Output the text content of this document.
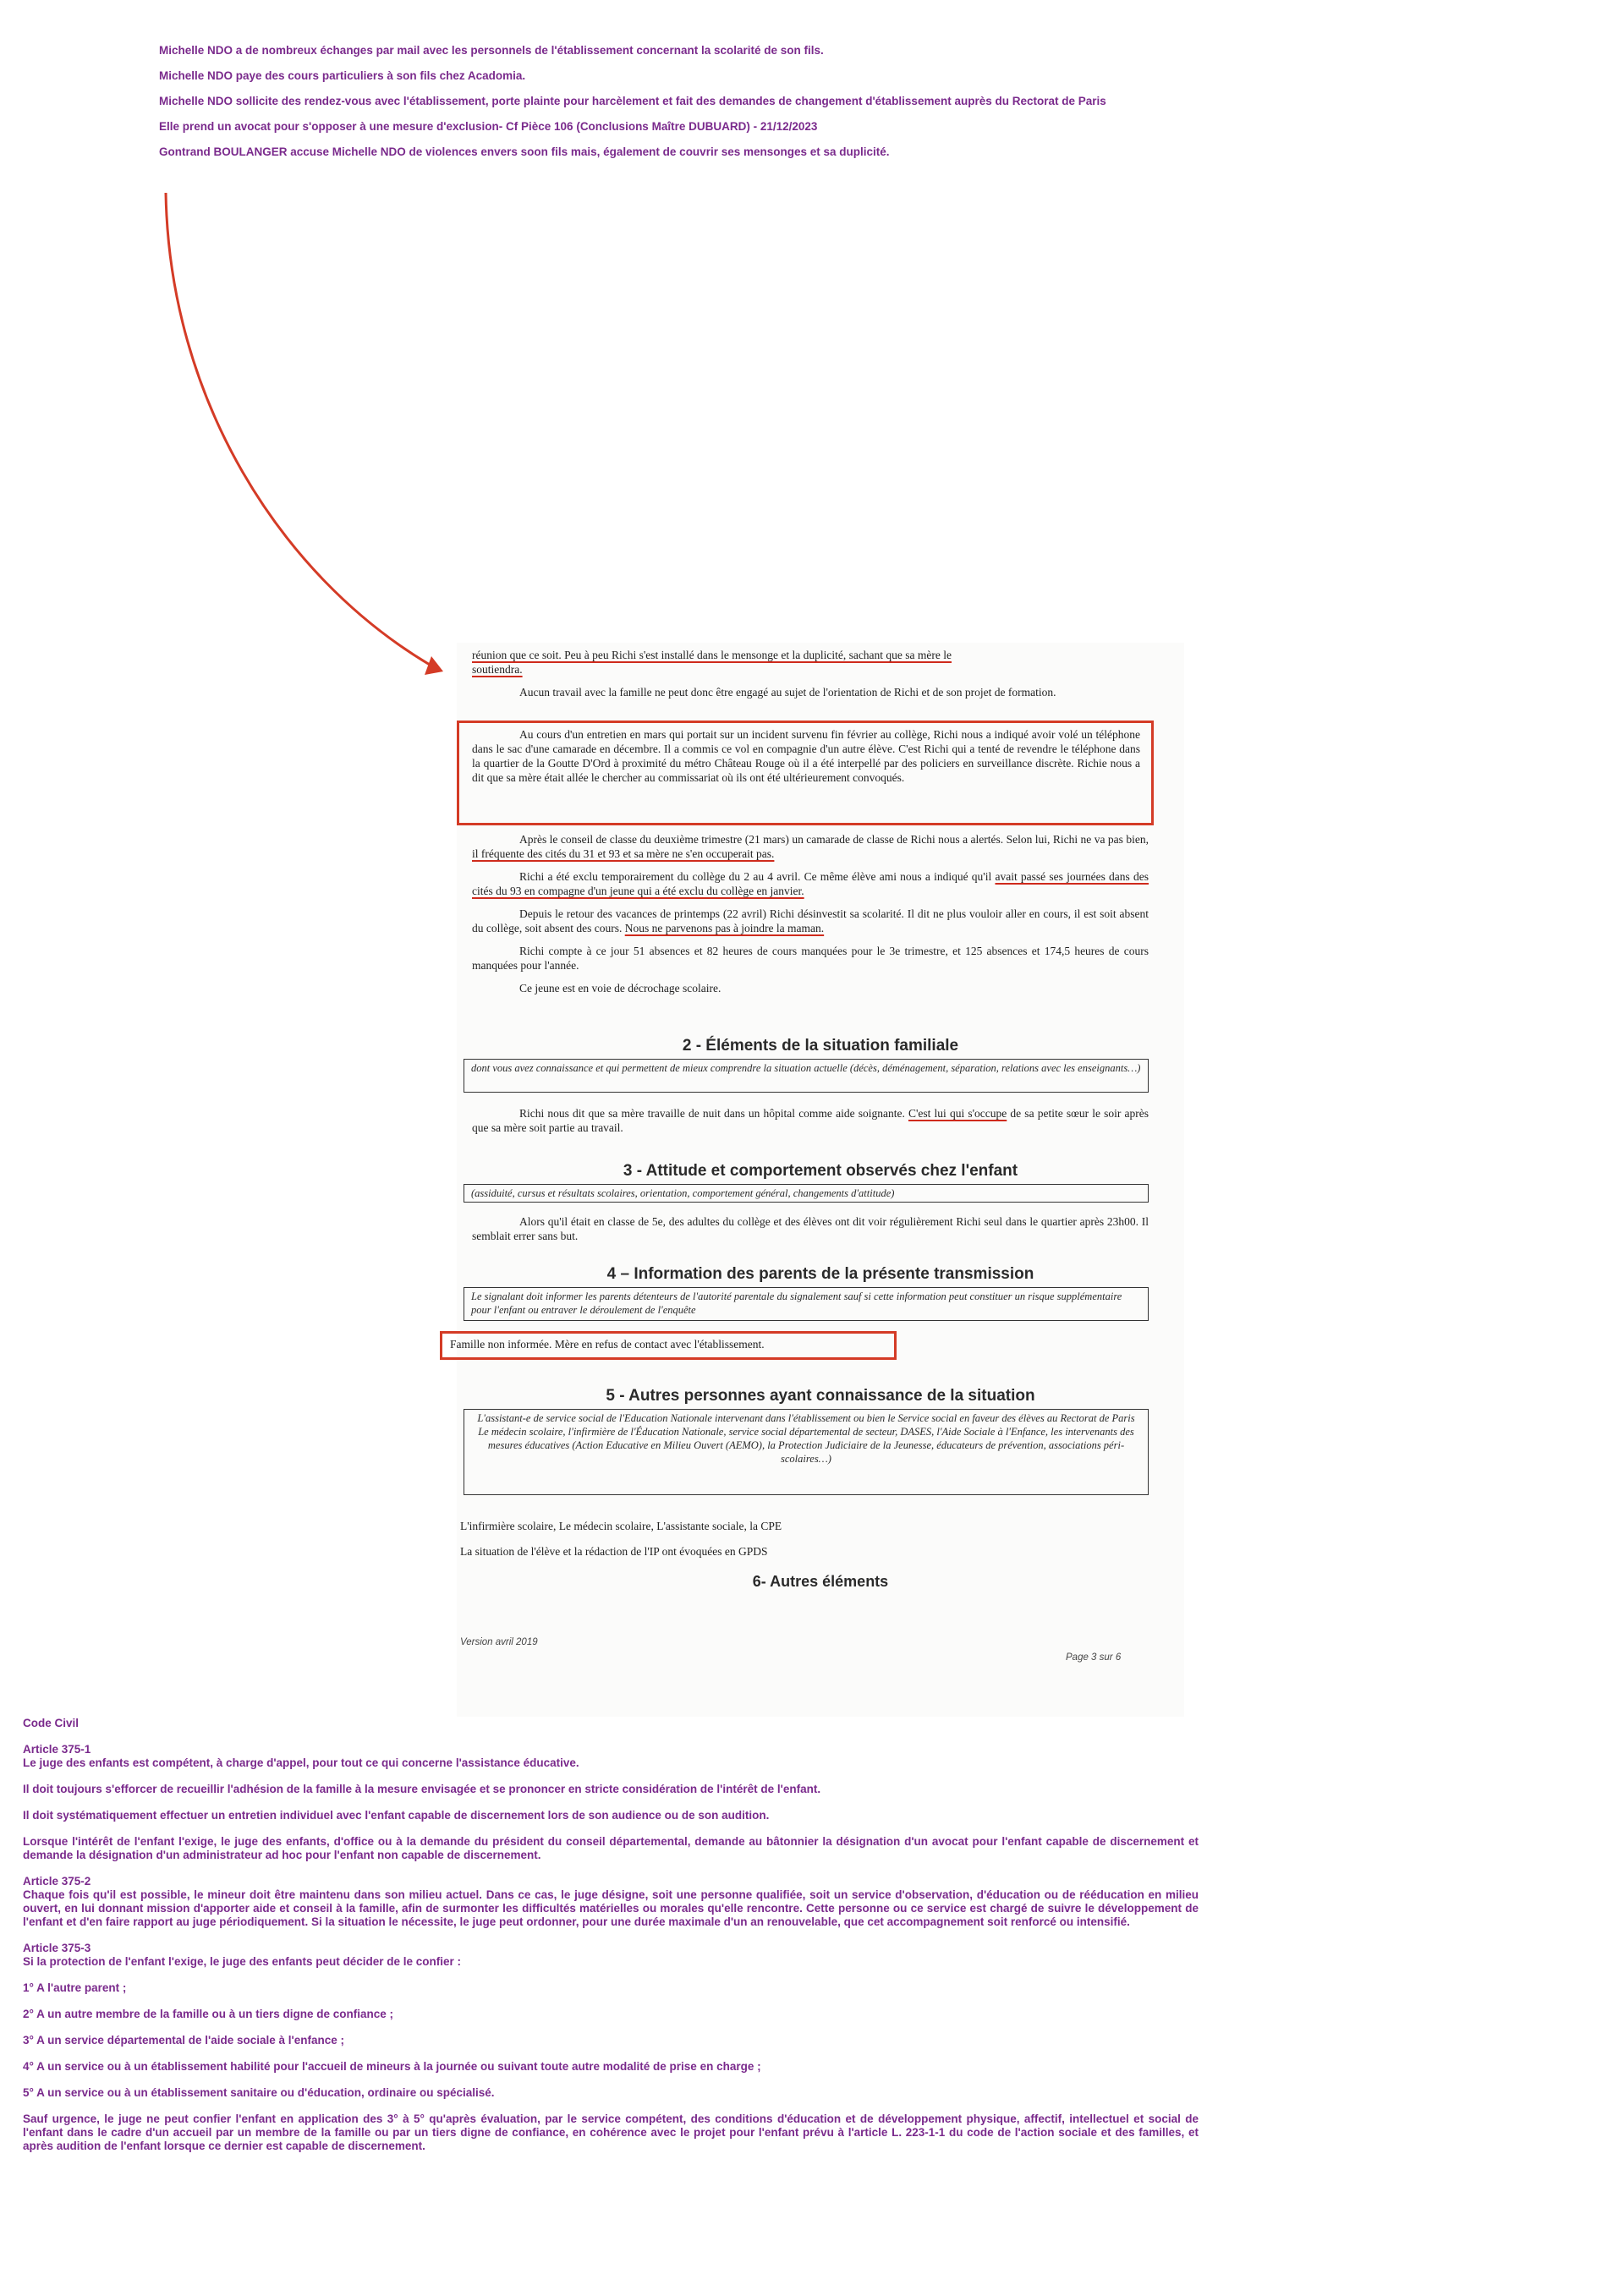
Michelle NDO a de nombreux échanges par mail avec les personnels de l'établissement concernant la scolarité de son fils.

Michelle NDO paye des cours particuliers à son fils chez Acadomia.

Michelle NDO sollicite des rendez-vous avec l'établissement, porte plainte pour harcèlement et fait des demandes de changement d'établissement auprès du Rectorat de Paris

Elle prend un avocat pour s'opposer à une mesure d'exclusion- Cf Pièce 106 (Conclusions Maître DUBUARD) - 21/12/2023

Gontrand BOULANGER accuse Michelle NDO de violences envers soon fils mais, également de couvrir ses mensonges et sa duplicité.

réunion que ce soit. Peu à peu Richi s'est installé dans le mensonge et la duplicité, sachant que sa mère le
soutiendra.

Aucun travail avec la famille ne peut donc être engagé au sujet de l'orientation de Richi et de son projet de formation.

Au cours d'un entretien en mars qui portait sur un incident survenu fin février au collège, Richi nous a indiqué avoir volé un téléphone dans le sac d'une camarade en décembre. Il a commis ce vol en compagnie d'un autre élève. C'est Richi qui a tenté de revendre le téléphone dans la quartier de la Goutte D'Ord à proximité du métro Château Rouge où il a été interpellé par des policiers en surveillance discrète. Richie nous a dit que sa mère était allée le chercher au commissariat où ils ont été ultérieurement convoqués.

Après le conseil de classe du deuxième trimestre (21 mars) un camarade de classe de Richi nous a alertés. Selon lui, Richi ne va pas bien, il fréquente des cités du 31 et 93 et sa mère ne s'en occuperait pas.

Richi a été exclu temporairement du collège du 2 au 4 avril. Ce même élève ami nous a indiqué qu'il avait passé ses journées dans des cités du 93 en compagne d'un jeune qui a été exclu du collège en janvier.

Depuis le retour des vacances de printemps (22 avril) Richi désinvestit sa scolarité. Il dit ne plus vouloir aller en cours, il est soit absent du collège, soit absent des cours. Nous ne parvenons pas à joindre la maman.

Richi compte à ce jour 51 absences et 82 heures de cours manquées pour le 3e trimestre, et 125 absences et 174,5 heures de cours manquées pour l'année.

Ce jeune est en voie de décrochage scolaire.

2 - Éléments de la situation familiale
dont vous avez connaissance et qui permettent de mieux comprendre la situation actuelle (décès, déménagement, séparation, relations avec les enseignants…)

Richi nous dit que sa mère travaille de nuit dans un hôpital comme aide soignante. C'est lui qui s'occupe de sa petite sœur le soir après que sa mère soit partie au travail.

3 - Attitude et comportement observés chez l'enfant
(assiduité, cursus et résultats scolaires, orientation, comportement général, changements d'attitude)

Alors qu'il était en classe de 5e, des adultes du collège et des élèves ont dit voir régulièrement Richi seul dans le quartier après 23h00. Il semblait errer sans but.

4 – Information des parents de la présente transmission
Le signalant doit informer les parents détenteurs de l'autorité parentale du signalement sauf si cette information peut constituer un risque supplémentaire pour l'enfant ou entraver le déroulement de l'enquête

Famille non informée. Mère en refus de contact avec l'établissement.

5 - Autres personnes ayant connaissance de la situation
L'assistant-e de service social de l'Education Nationale intervenant dans l'établissement ou bien le Service social en faveur des élèves au Rectorat de Paris Le médecin scolaire, l'infirmière de l'Éducation Nationale, service social départemental de secteur, DASES, l'Aide Sociale à l'Enfance, les intervenants des mesures éducatives (Action Educative en Milieu Ouvert (AEMO), la Protection Judiciaire de la Jeunesse, éducateurs de prévention, associations péri-scolaires…)

L'infirmière scolaire, Le médecin scolaire, L'assistante sociale, la CPE

La situation de l'élève et la rédaction de l'IP ont évoquées en GPDS

6- Autres éléments
Version avril 2019
Page 3 sur 6

Code Civil

Article 375-1

Le juge des enfants est compétent, à charge d'appel, pour tout ce qui concerne l'assistance éducative.

Il doit toujours s'efforcer de recueillir l'adhésion de la famille à la mesure envisagée et se prononcer en stricte considération de l'intérêt de l'enfant.

Il doit systématiquement effectuer un entretien individuel avec l'enfant capable de discernement lors de son audience ou de son audition.

Lorsque l'intérêt de l'enfant l'exige, le juge des enfants, d'office ou à la demande du président du conseil départemental, demande au bâtonnier la désignation d'un avocat pour l'enfant capable de discernement et demande la désignation d'un administrateur ad hoc pour l'enfant non capable de discernement.

Article 375-2

Chaque fois qu'il est possible, le mineur doit être maintenu dans son milieu actuel. Dans ce cas, le juge désigne, soit une personne qualifiée, soit un service d'observation, d'éducation ou de rééducation en milieu ouvert, en lui donnant mission d'apporter aide et conseil à la famille, afin de surmonter les difficultés matérielles ou morales qu'elle rencontre. Cette personne ou ce service est chargé de suivre le développement de l'enfant et d'en faire rapport au juge périodiquement. Si la situation le nécessite, le juge peut ordonner, pour une durée maximale d'un an renouvelable, que cet accompagnement soit renforcé ou intensifié.

Article 375-3

Si la protection de l'enfant l'exige, le juge des enfants peut décider de le confier :

1° A l'autre parent ;

2° A un autre membre de la famille ou à un tiers digne de confiance ;

3° A un service départemental de l'aide sociale à l'enfance ;

4° A un service ou à un établissement habilité pour l'accueil de mineurs à la journée ou suivant toute autre modalité de prise en charge ;

5° A un service ou à un établissement sanitaire ou d'éducation, ordinaire ou spécialisé.

Sauf urgence, le juge ne peut confier l'enfant en application des 3° à 5° qu'après évaluation, par le service compétent, des conditions d'éducation et de développement physique, affectif, intellectuel et social de l'enfant dans le cadre d'un accueil par un membre de la famille ou par un tiers digne de confiance, en cohérence avec le projet pour l'enfant prévu à l'article L. 223-1-1 du code de l'action sociale et des familles, et après audition de l'enfant lorsque ce dernier est capable de discernement.
